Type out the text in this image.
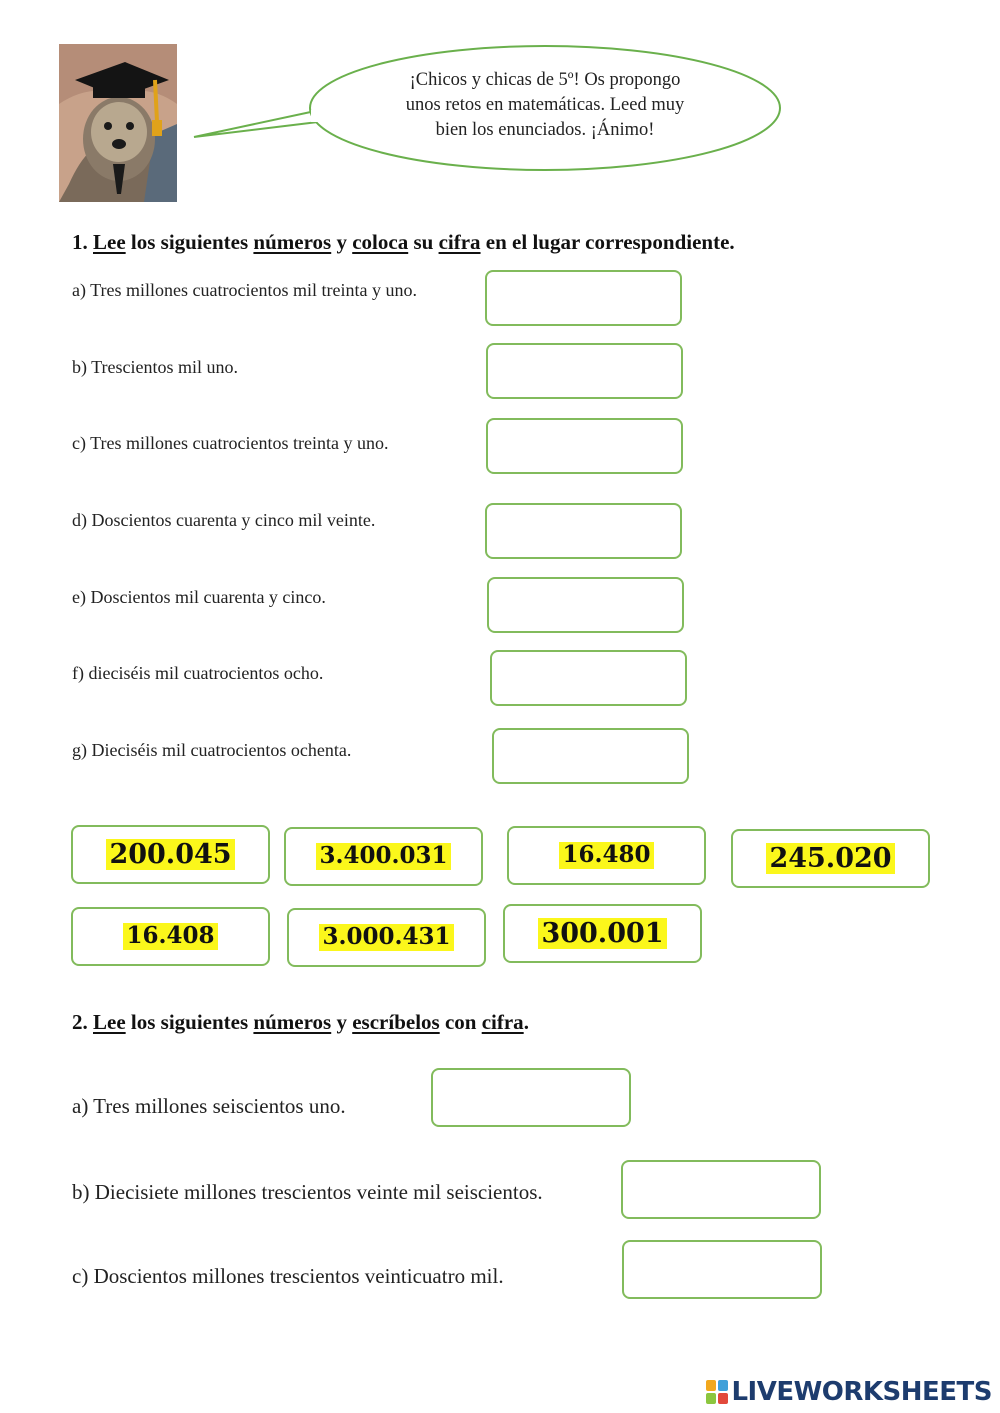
¡Chicos y chicas de 5º! Os propongo
unos retos en matemáticas. Leed muy
bien los enunciados. ¡Ánimo!
1. Lee los siguientes números y coloca su cifra en el lugar correspondiente.
a) Tres millones cuatrocientos mil treinta y uno.
b) Trescientos mil uno.
c) Tres millones cuatrocientos treinta y uno.
d) Doscientos cuarenta y cinco mil veinte.
e) Doscientos mil cuarenta y cinco.
f) dieciséis mil cuatrocientos ocho.
g) Dieciséis mil cuatrocientos ochenta.
200.045	3.400.031	16.480	245.020
16.408	3.000.431	300.001
2. Lee los siguientes números y escríbelos con cifra.
a) Tres millones seiscientos uno.
b) Diecisiete millones trescientos veinte mil seiscientos.
c) Doscientos millones trescientos veinticuatro mil.
LIVEWORKSHEETS
